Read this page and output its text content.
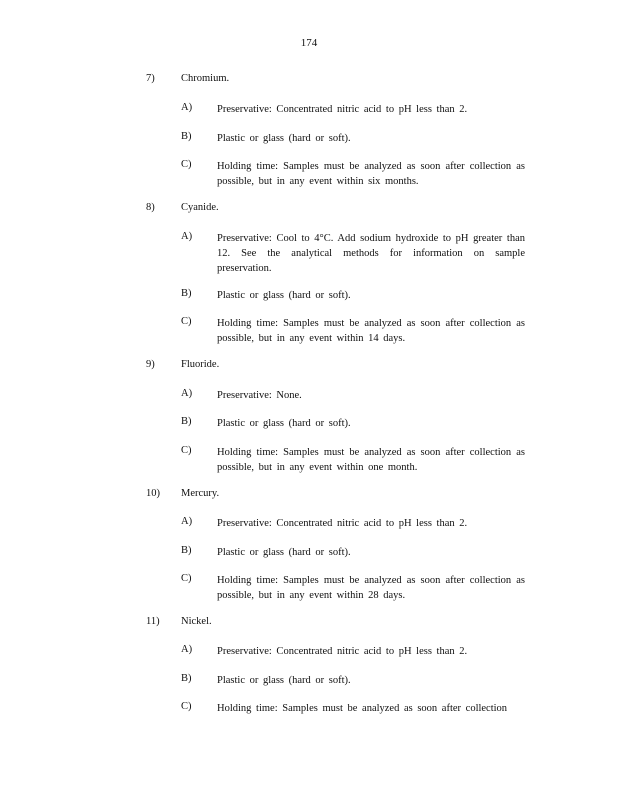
174
7)	Chromium.
A) Preservative: Concentrated nitric acid to pH less than 2.
B) Plastic or glass (hard or soft).
C) Holding time: Samples must be analyzed as soon after collection as possible, but in any event within six months.
8)	Cyanide.
A) Preservative: Cool to 4°C. Add sodium hydroxide to pH greater than 12. See the analytical methods for information on sample preservation.
B) Plastic or glass (hard or soft).
C) Holding time: Samples must be analyzed as soon after collection as possible, but in any event within 14 days.
9)	Fluoride.
A) Preservative: None.
B) Plastic or glass (hard or soft).
C) Holding time: Samples must be analyzed as soon after collection as possible, but in any event within one month.
10) Mercury.
A) Preservative: Concentrated nitric acid to pH less than 2.
B) Plastic or glass (hard or soft).
C) Holding time: Samples must be analyzed as soon after collection as possible, but in any event within 28 days.
11) Nickel.
A) Preservative: Concentrated nitric acid to pH less than 2.
B) Plastic or glass (hard or soft).
C) Holding time: Samples must be analyzed as soon after collection
